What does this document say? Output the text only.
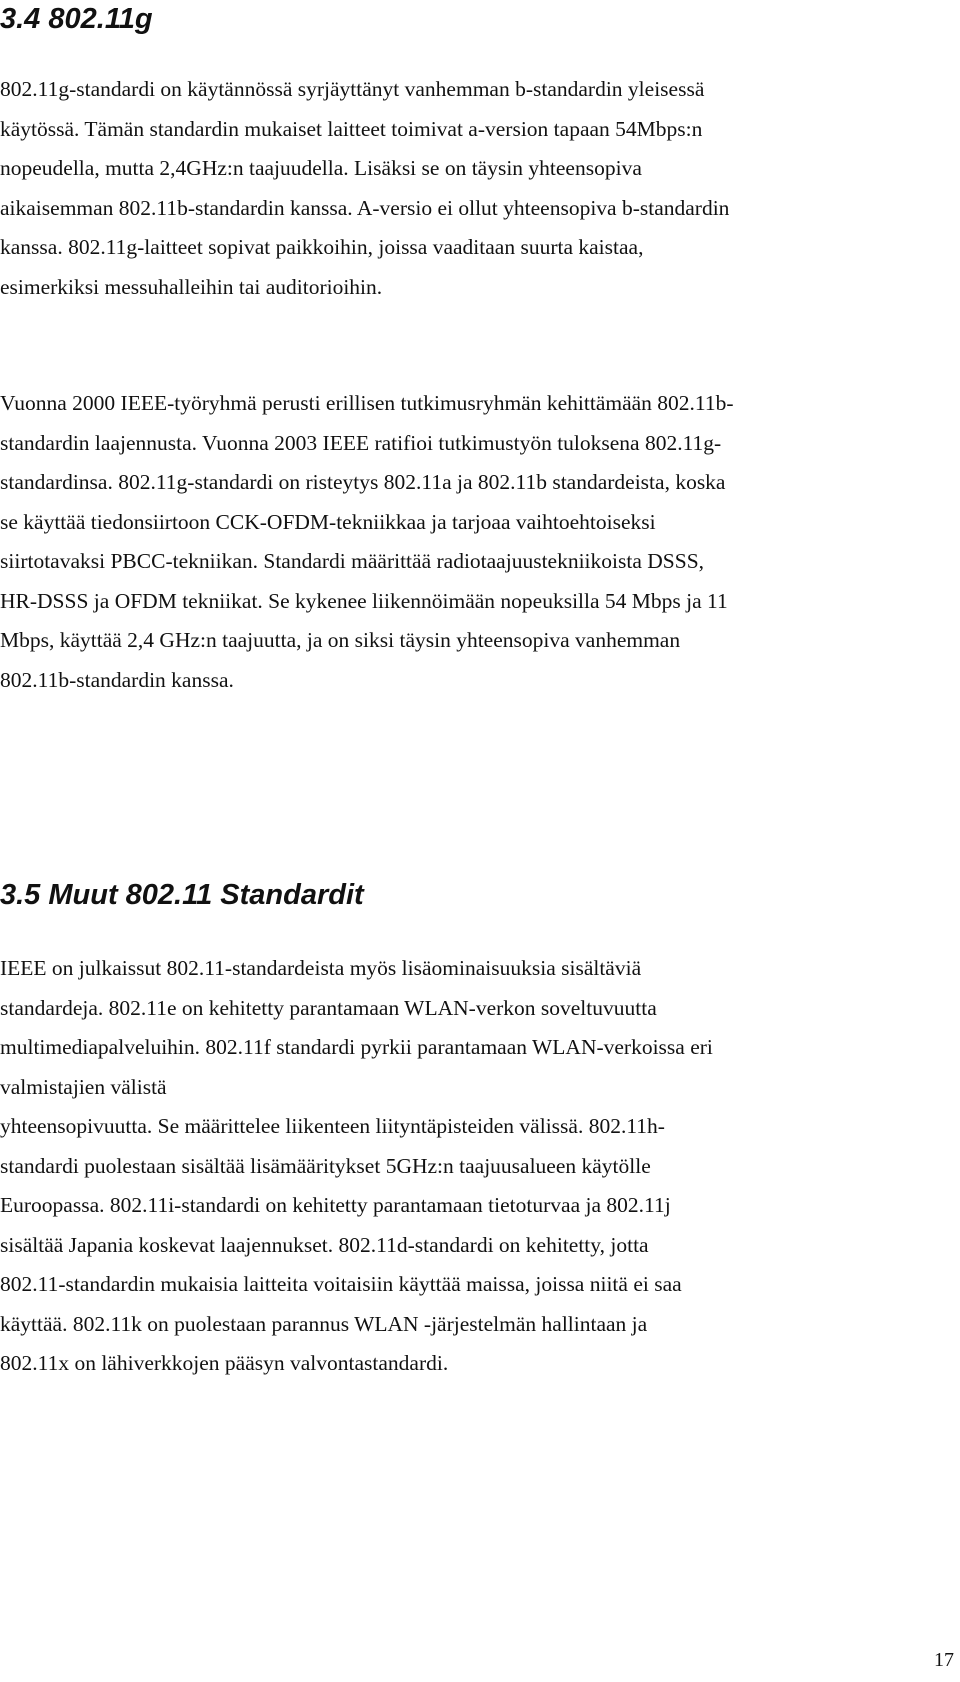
3.4 802.11g

802.11g-standardi on käytännössä syrjäyttänyt vanhemman b-standardin yleisessä
käytössä. Tämän standardin mukaiset laitteet toimivat a-version tapaan 54Mbps:n
nopeudella, mutta 2,4GHz:n taajuudella. Lisäksi se on täysin yhteensopiva
aikaisemman 802.11b-standardin kanssa. A-versio ei ollut yhteensopiva b-standardin
kanssa. 802.11g-laitteet sopivat paikkoihin, joissa vaaditaan suurta kaistaa,
esimerkiksi messuhalleihin tai auditorioihin.

Vuonna 2000 IEEE-työryhmä perusti erillisen tutkimusryhmän kehittämään 802.11b-
standardin laajennusta. Vuonna 2003 IEEE ratifioi tutkimustyön tuloksena 802.11g-
standardinsa. 802.11g-standardi on risteytys 802.11a ja 802.11b standardeista, koska
se käyttää tiedonsiirtoon CCK-OFDM-tekniikkaa ja tarjoaa vaihtoehtoiseksi
siirtotavaksi PBCC-tekniikan. Standardi määrittää radiotaajuustekniikoista DSSS,
HR-DSSS ja OFDM tekniikat. Se kykenee liikennöimään nopeuksilla 54 Mbps ja 11
Mbps, käyttää 2,4 GHz:n taajuutta, ja on siksi täysin yhteensopiva vanhemman
802.11b-standardin kanssa.

3.5 Muut 802.11 Standardit

IEEE on julkaissut 802.11-standardeista myös lisäominaisuuksia sisältäviä
standardeja. 802.11e on kehitetty parantamaan WLAN-verkon soveltuvuutta
multimediapalveluihin. 802.11f standardi pyrkii parantamaan WLAN-verkoissa eri
valmistajien välistä
yhteensopivuutta. Se määrittelee liikenteen liityntäpisteiden välissä. 802.11h-
standardi puolestaan sisältää lisämääritykset 5GHz:n taajuusalueen käytölle
Euroopassa. 802.11i-standardi on kehitetty parantamaan tietoturvaa ja 802.11j
sisältää Japania koskevat laajennukset. 802.11d-standardi on kehitetty, jotta
802.11-standardin mukaisia laitteita voitaisiin käyttää maissa, joissa niitä ei saa
käyttää. 802.11k on puolestaan parannus WLAN -järjestelmän hallintaan ja
802.11x on lähiverkkojen pääsyn valvontastandardi.

17
